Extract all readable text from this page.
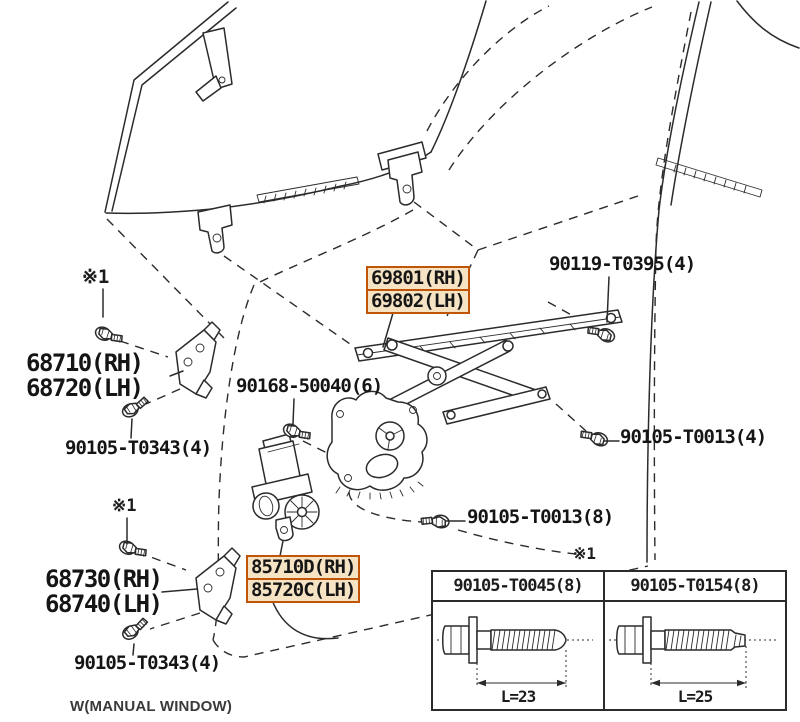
69801(RH)
69802(LH)
85710D(RH)
85720C(LH)
90119-T0395(4)
68710(RH)
68720(LH)	90168-50040(6)
90105-T0343(4)	90105-T0013(4)
90105-T0013(8)
68730(RH)
68740(LH)
90105-T0343(4)
※1
※1
※1
90105-T0045(8)	90105-T0154(8)
L=23	L=25
W(MANUAL WINDOW)
